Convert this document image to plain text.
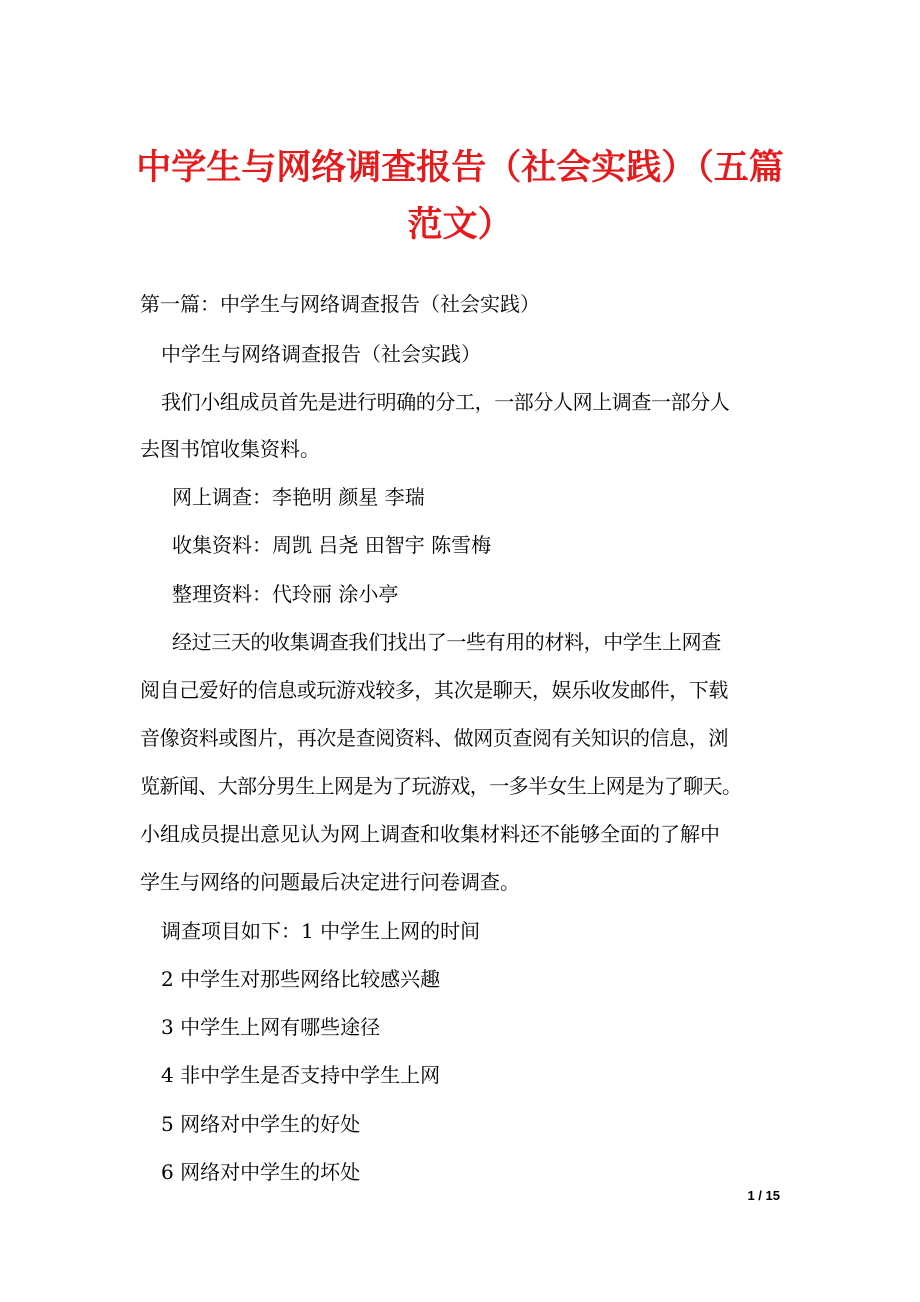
中学生与网络调查报告（社会实践）（五篇
范文）

第一篇：中学生与网络调查报告（社会实践）

中学生与网络调查报告（社会实践）

我们小组成员首先是进行明确的分工，一部分人网上调查一部分人

去图书馆收集资料。

网上调查：李艳明 颜星 李瑞

收集资料：周凯 吕尧 田智宇 陈雪梅

整理资料：代玲丽 涂小亭

经过三天的收集调查我们找出了一些有用的材料，中学生上网查

阅自己爱好的信息或玩游戏较多，其次是聊天，娱乐收发邮件，下载

音像资料或图片，再次是查阅资料、做网页查阅有关知识的信息，浏

览新闻、大部分男生上网是为了玩游戏，一多半女生上网是为了聊天。

小组成员提出意见认为网上调查和收集材料还不能够全面的了解中

学生与网络的问题最后决定进行问卷调查。

调查项目如下：1 中学生上网的时间

2 中学生对那些网络比较感兴趣

3 中学生上网有哪些途径

4 非中学生是否支持中学生上网

5 网络对中学生的好处

6 网络对中学生的坏处

1 / 15
